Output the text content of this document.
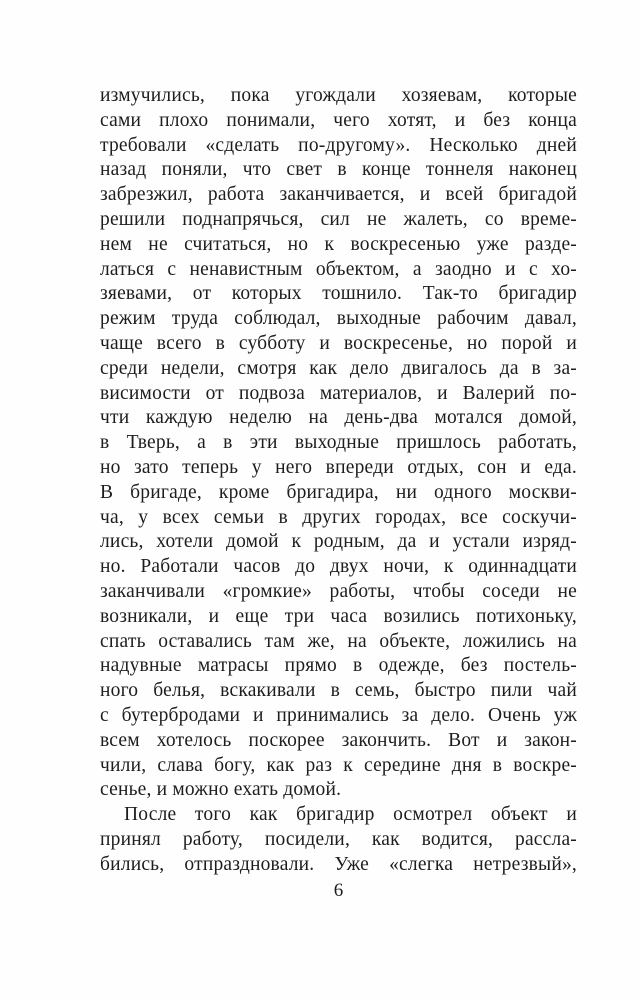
измучились, пока угождали хозяевам, которые
сами плохо понимали, чего хотят, и без конца
требовали «сделать по-другому». Несколько дней
назад поняли, что свет в конце тоннеля наконец
забрезжил, работа заканчивается, и всей бригадой
решили поднапрячься, сил не жалеть, со време-
нем не считаться, но к воскресенью уже разде-
латься с ненавистным объектом, а заодно и с хо-
зяевами, от которых тошнило. Так-то бригадир
режим труда соблюдал, выходные рабочим давал,
чаще всего в субботу и воскресенье, но порой и
среди недели, смотря как дело двигалось да в за-
висимости от подвоза материалов, и Валерий по-
чти каждую неделю на день-два мотался домой,
в Тверь, а в эти выходные пришлось работать,
но зато теперь у него впереди отдых, сон и еда.
В бригаде, кроме бригадира, ни одного москви-
ча, у всех семьи в других городах, все соскучи-
лись, хотели домой к родным, да и устали изряд-
но. Работали часов до двух ночи, к одиннадцати
заканчивали «громкие» работы, чтобы соседи не
возникали, и еще три часа возились потихоньку,
спать оставались там же, на объекте, ложились на
надувные матрасы прямо в одежде, без постель-
ного белья, вскакивали в семь, быстро пили чай
с бутербродами и принимались за дело. Очень уж
всем хотелось поскорее закончить. Вот и закон-
чили, слава богу, как раз к середине дня в воскре-
сенье, и можно ехать домой.
После того как бригадир осмотрел объект и
принял работу, посидели, как водится, рассла-
бились, отпраздновали. Уже «слегка нетрезвый»,
6
